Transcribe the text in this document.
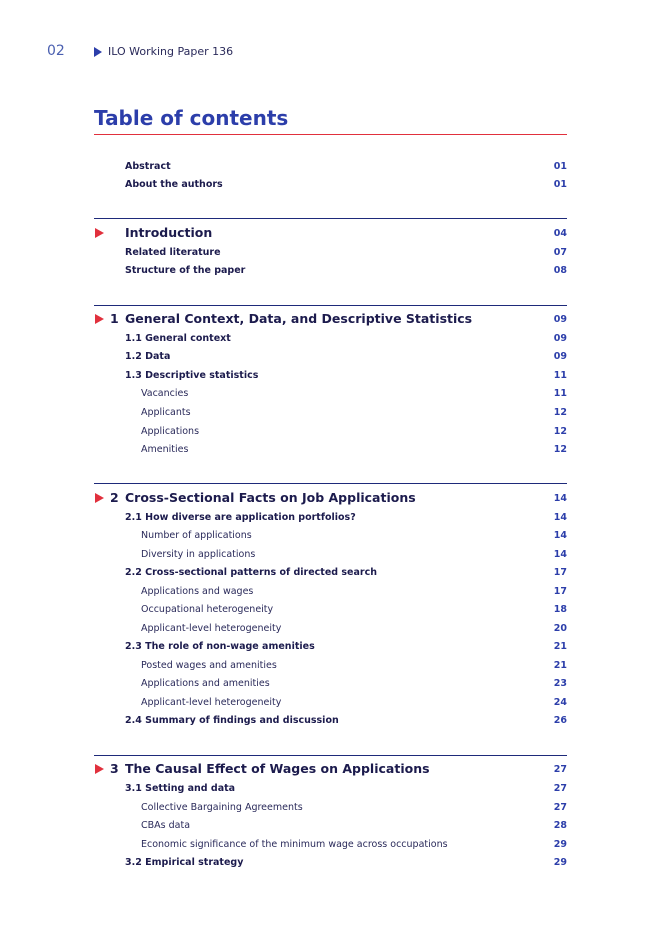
02	ILO Working Paper 136
Table of contents
Abstract	01
About the authors	01
Introduction	04
Related literature	07
Structure of the paper	08
1 General Context, Data, and Descriptive Statistics	09
1.1 General context	09
1.2 Data	09
1.3 Descriptive statistics	11
Vacancies	11
Applicants	12
Applications	12
Amenities	12
2 Cross-Sectional Facts on Job Applications	14
2.1 How diverse are application portfolios?	14
Number of applications	14
Diversity in applications	14
2.2 Cross-sectional patterns of directed search	17
Applications and wages	17
Occupational heterogeneity	18
Applicant-level heterogeneity	20
2.3 The role of non-wage amenities	21
Posted wages and amenities	21
Applications and amenities	23
Applicant-level heterogeneity	24
2.4 Summary of findings and discussion	26
3 The Causal Effect of Wages on Applications	27
3.1 Setting and data	27
Collective Bargaining Agreements	27
CBAs data	28
Economic significance of the minimum wage across occupations	29
3.2 Empirical strategy	29
